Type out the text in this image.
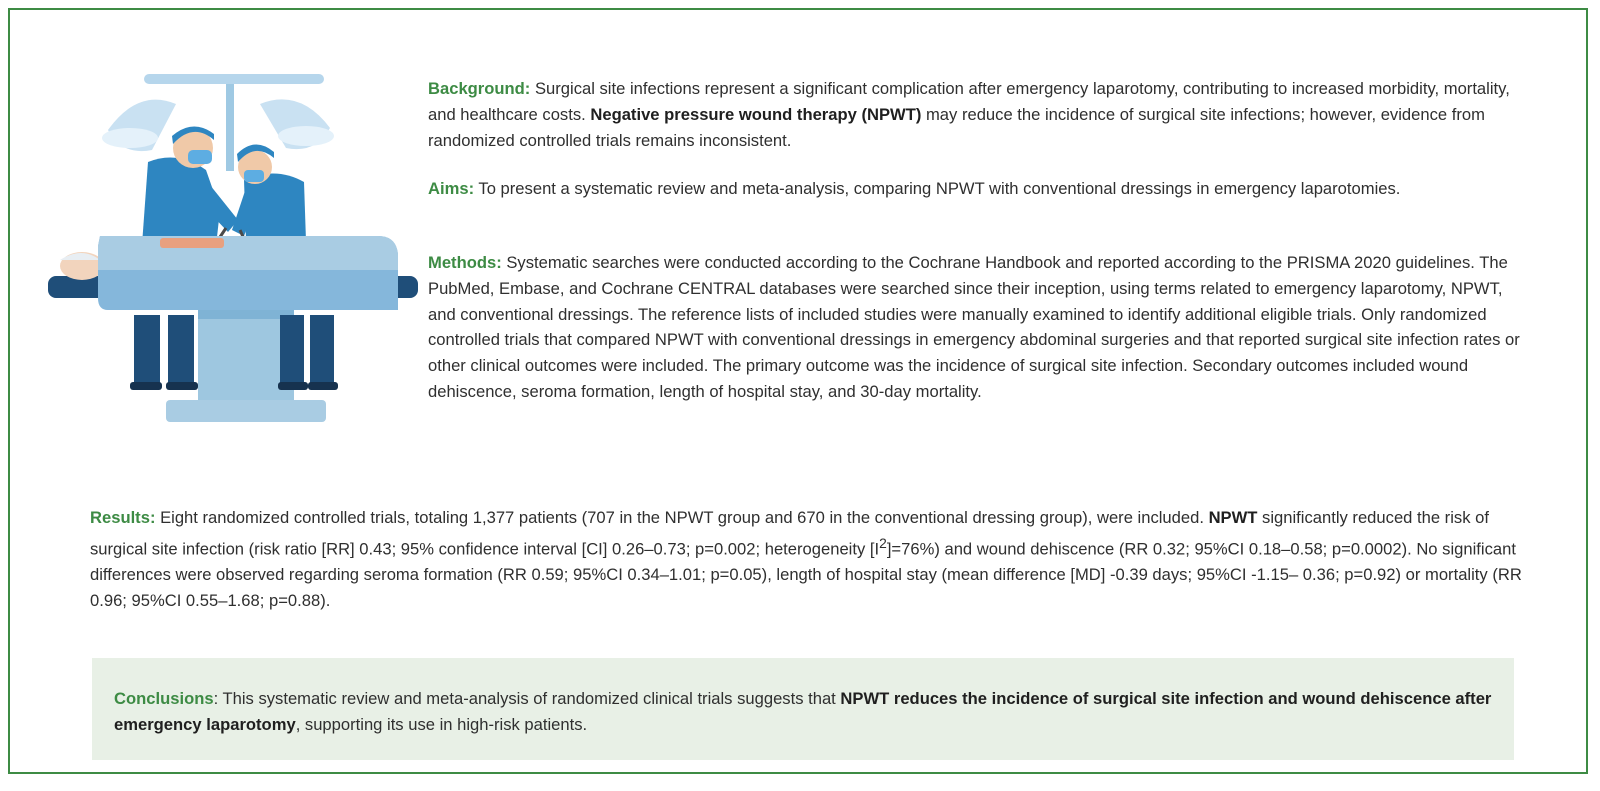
Background: Surgical site infections represent a significant complication after emergency laparotomy, contributing to increased morbidity, mortality, and healthcare costs. Negative pressure wound therapy (NPWT) may reduce the incidence of surgical site infections; however, evidence from randomized controlled trials remains inconsistent.

Aims: To present a systematic review and meta-analysis, comparing NPWT with conventional dressings in emergency laparotomies.

Methods: Systematic searches were conducted according to the Cochrane Handbook and reported according to the PRISMA 2020 guidelines. The PubMed, Embase, and Cochrane CENTRAL databases were searched since their inception, using terms related to emergency laparotomy, NPWT, and conventional dressings. The reference lists of included studies were manually examined to identify additional eligible trials. Only randomized controlled trials that compared NPWT with conventional dressings in emergency abdominal surgeries and that reported surgical site infection rates or other clinical outcomes were included. The primary outcome was the incidence of surgical site infection. Secondary outcomes included wound dehiscence, seroma formation, length of hospital stay, and 30-day mortality.

Results: Eight randomized controlled trials, totaling 1,377 patients (707 in the NPWT group and 670 in the conventional dressing group), were included. NPWT significantly reduced the risk of surgical site infection (risk ratio [RR] 0.43; 95% confidence interval [CI] 0.26–0.73; p=0.002; heterogeneity $[I^2]=76\%$) and wound dehiscence (RR 0.32; 95%CI 0.18–0.58; p=0.0002). No significant differences were observed regarding seroma formation (RR 0.59; 95%CI 0.34–1.01; p=0.05), length of hospital stay (mean difference [MD] -0.39 days; 95%CI -1.15– 0.36; p=0.92) or mortality (RR 0.96; 95%CI 0.55–1.68; p=0.88).

Conclusions: This systematic review and meta-analysis of randomized clinical trials suggests that NPWT reduces the incidence of surgical site infection and wound dehiscence after emergency laparotomy, supporting its use in high-risk patients.
